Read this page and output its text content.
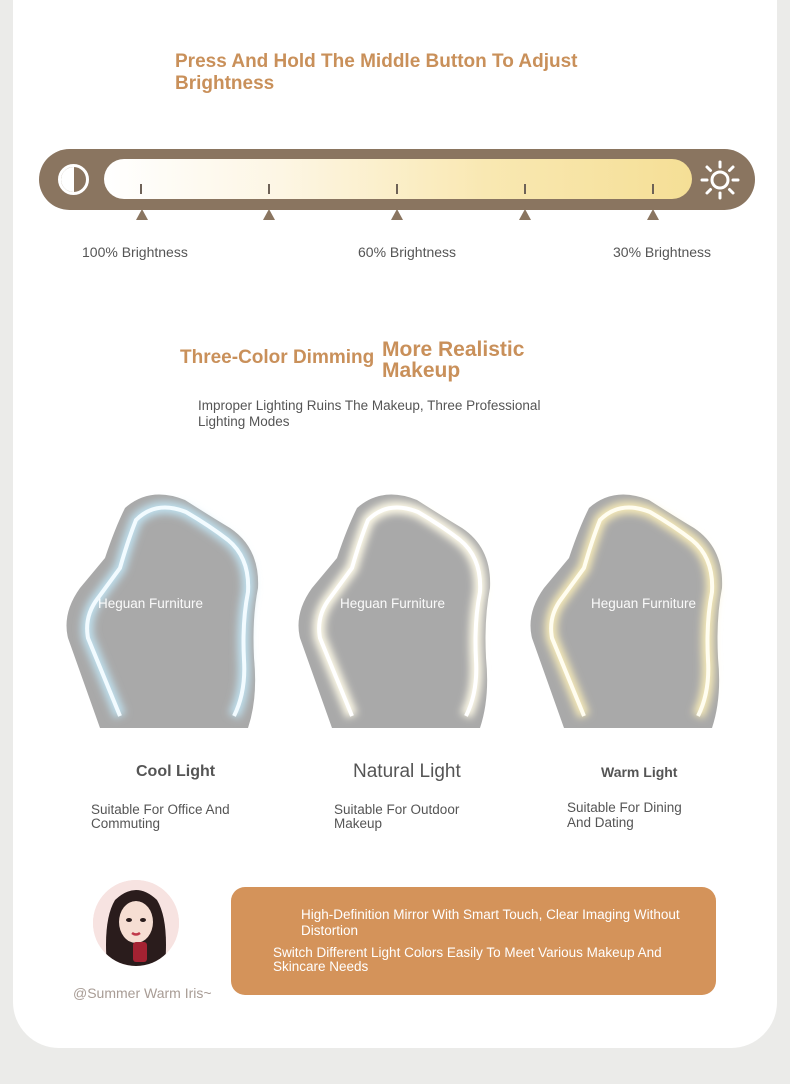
Press And Hold The Middle Button To Adjust Brightness
100% Brightness	60% Brightness	30% Brightness
Three-Color Dimming More Realistic Makeup
Improper Lighting Ruins The Makeup, Three Professional Lighting Modes
Heguan Furniture	Heguan Furniture	Heguan Furniture
Cool Light	Natural Light	Warm Light
Suitable For Office And Commuting
Suitable For Outdoor Makeup
Suitable For Dining And Dating
@Summer Warm Iris~
High-Definition Mirror With Smart Touch, Clear Imaging Without Distortion
Switch Different Light Colors Easily To Meet Various Makeup And Skincare Needs
